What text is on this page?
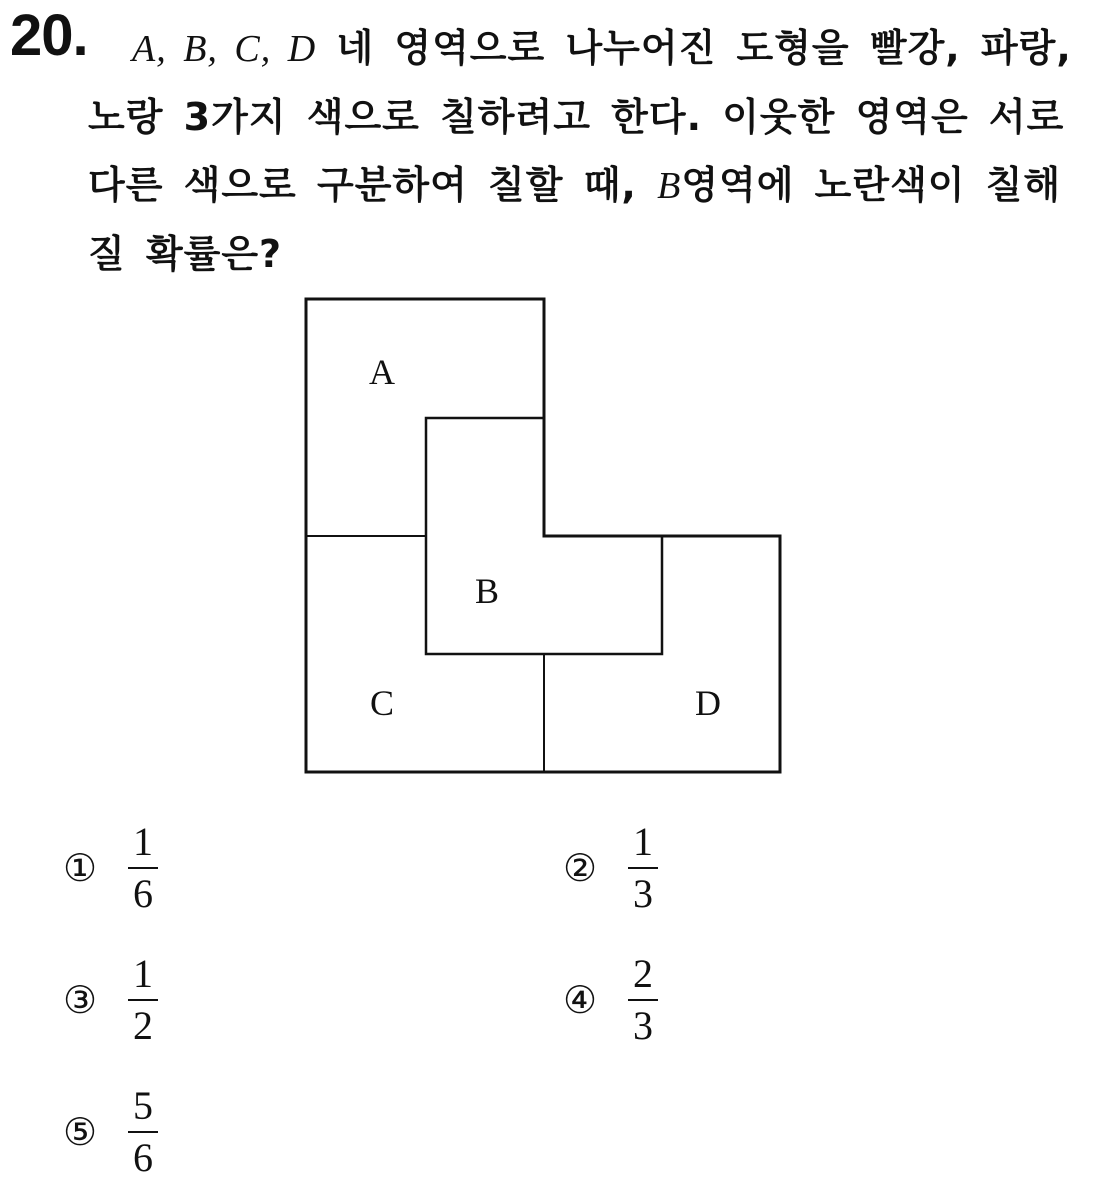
20.	A, B, C, D 네 영역으로 나누어진 도형을 빨강, 파랑, 노랑 3가지 색으로 칠하려고 한다. 이웃한 영역은 서로 다른 색으로 구분하여 칠할 때, B영역에 노란색이 칠해질 확률은?
A
B
C	D
① $\frac{1}{6}$	② $\frac{1}{3}$
③ $\frac{1}{2}$	④ $\frac{2}{3}$
⑤ $\frac{5}{6}$
